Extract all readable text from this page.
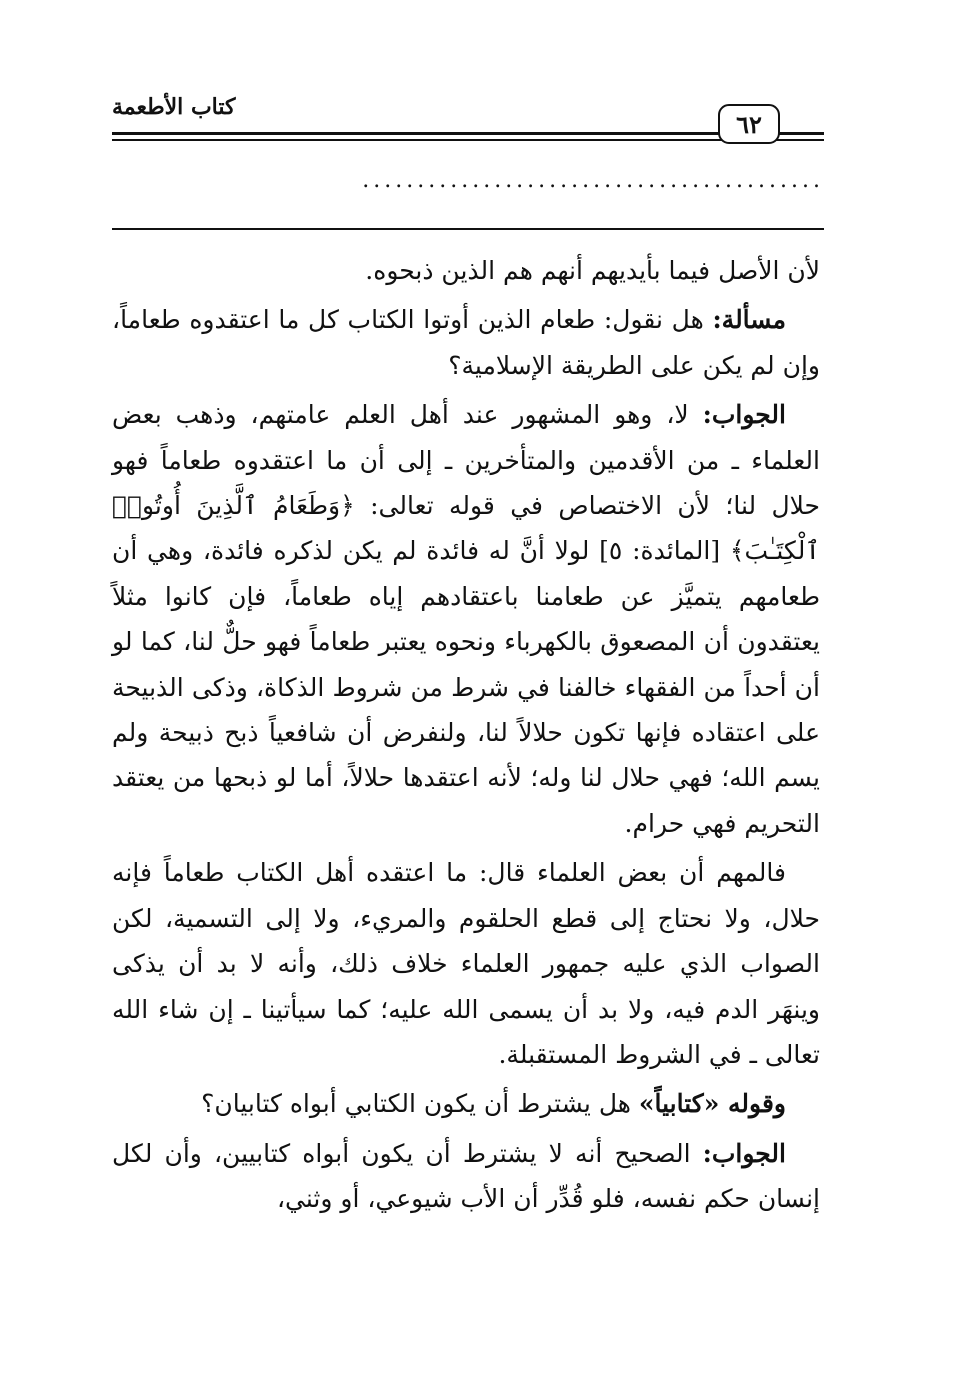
كتاب الأطعمة
٦٢
..........................................

لأن الأصل فيما بأيديهم أنهم هم الذين ذبحوه.

مسألة: هل نقول: طعام الذين أوتوا الكتاب كل ما اعتقدوه طعاماً، وإن لم يكن على الطريقة الإسلامية؟

الجواب: لا، وهو المشهور عند أهل العلم عامتهم، وذهب بعض العلماء ـ من الأقدمين والمتأخرين ـ إلى أن ما اعتقدوه طعاماً فهو حلال لنا؛ لأن الاختصاص في قوله تعالى: ﴿وَطَعَامُ ٱلَّذِينَ أُوتُوا۟ ٱلْكِتَـٰبَ﴾ [المائدة: ٥] لولا أنَّ له فائدة لم يكن لذكره فائدة، وهي أن طعامهم يتميَّز عن طعامنا باعتقادهم إياه طعاماً، فإن كانوا مثلاً يعتقدون أن المصعوق بالكهرباء ونحوه يعتبر طعاماً فهو حلٌّ لنا، كما لو أن أحداً من الفقهاء خالفنا في شرط من شروط الذكاة، وذكى الذبيحة على اعتقاده فإنها تكون حلالاً لنا، ولنفرض أن شافعياً ذبح ذبيحة ولم يسم الله؛ فهي حلال لنا وله؛ لأنه اعتقدها حلالاً، أما لو ذبحها من يعتقد التحريم فهي حرام.

فالمهم أن بعض العلماء قال: ما اعتقده أهل الكتاب طعاماً فإنه حلال، ولا نحتاج إلى قطع الحلقوم والمريء، ولا إلى التسمية، لكن الصواب الذي عليه جمهور العلماء خلاف ذلك، وأنه لا بد أن يذكى وينهَر الدم فيه، ولا بد أن يسمى الله عليه؛ كما سيأتينا ـ إن شاء الله تعالى ـ في الشروط المستقبلة.

وقوله «كتابياً» هل يشترط أن يكون الكتابي أبواه كتابيان؟

الجواب: الصحيح أنه لا يشترط أن يكون أبواه كتابيين، وأن لكل إنسان حكم نفسه، فلو قُدِّر أن الأب شيوعي، أو وثني،
